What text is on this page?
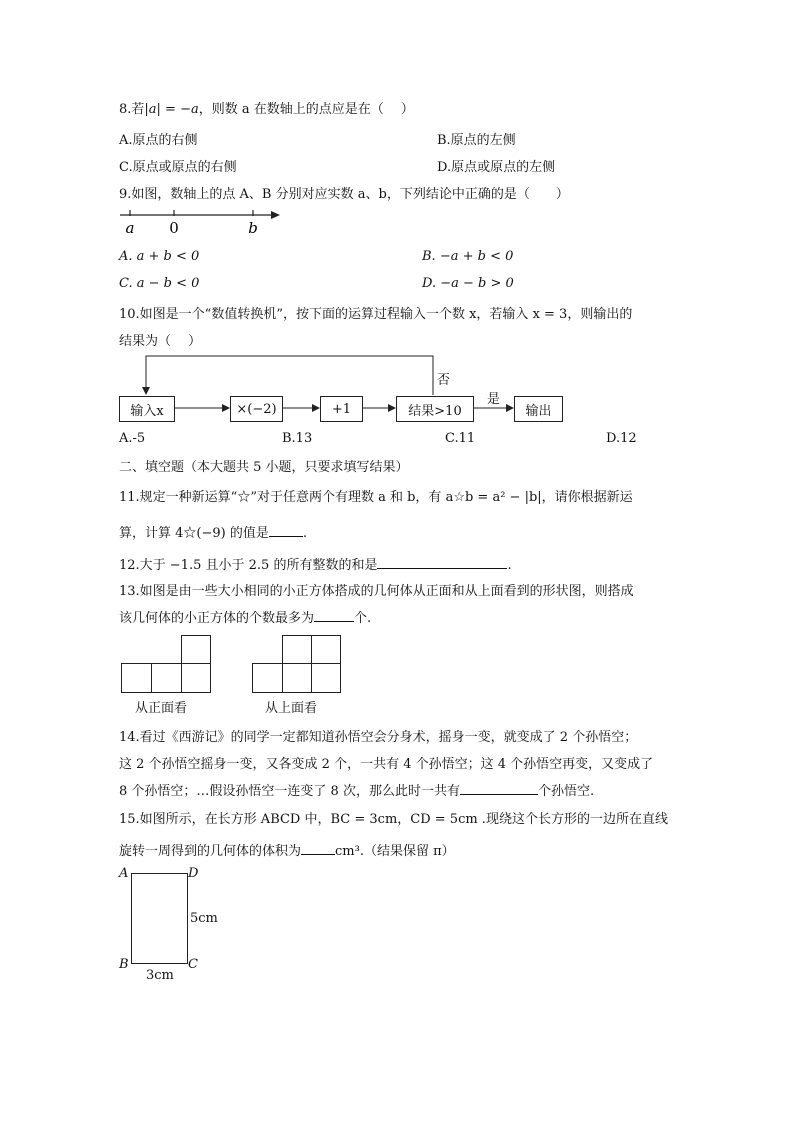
8.若|a| = −a，则数 a 在数轴上的点应是在（　 ）
A.原点的右侧	B.原点的左侧
C.原点或原点的右侧	D.原点或原点的左侧
9.如图，数轴上的点 A、B 分别对应实数 a、b，下列结论中正确的是（　　）
a 0	b
A. a + b < 0	B. −a + b < 0
C. a − b < 0	D. −a − b > 0
10.如图是一个“数值转换机”，按下面的运算过程输入一个数 x，若输入 x = 3，则输出的
结果为（　 ）
否
是
输入x	×(−2)	+1	结果>10	输出
A.-5	B.13	C.11	D.12
二、填空题（本大题共 5 小题，只要求填写结果）
11.规定一种新运算“☆”对于任意两个有理数 a 和 b，有 a☆b = a² − |b|，请你根据新运
算，计算 4☆(−9) 的值是	.
12.大于 −1.5 且小于 2.5 的所有整数的和是	.
13.如图是由一些大小相同的小正方体搭成的几何体从正面和从上面看到的形状图，则搭成
该几何体的小正方体的个数最多为	个.
从正面看	从上面看
14.看过《西游记》的同学一定都知道孙悟空会分身术，摇身一变，就变成了 2 个孙悟空；
这 2 个孙悟空摇身一变，又各变成 2 个，一共有 4 个孙悟空；这 4 个孙悟空再变，又变成了
8 个孙悟空；…假设孙悟空一连变了 8 次，那么此时一共有	个孙悟空.
15.如图所示，在长方形 ABCD 中，BC = 3cm，CD = 5cm .现绕这个长方形的一边所在直线
旋转一周得到的几何体的体积为	cm³.（结果保留 π）
A	D
B	C
5cm
3cm
